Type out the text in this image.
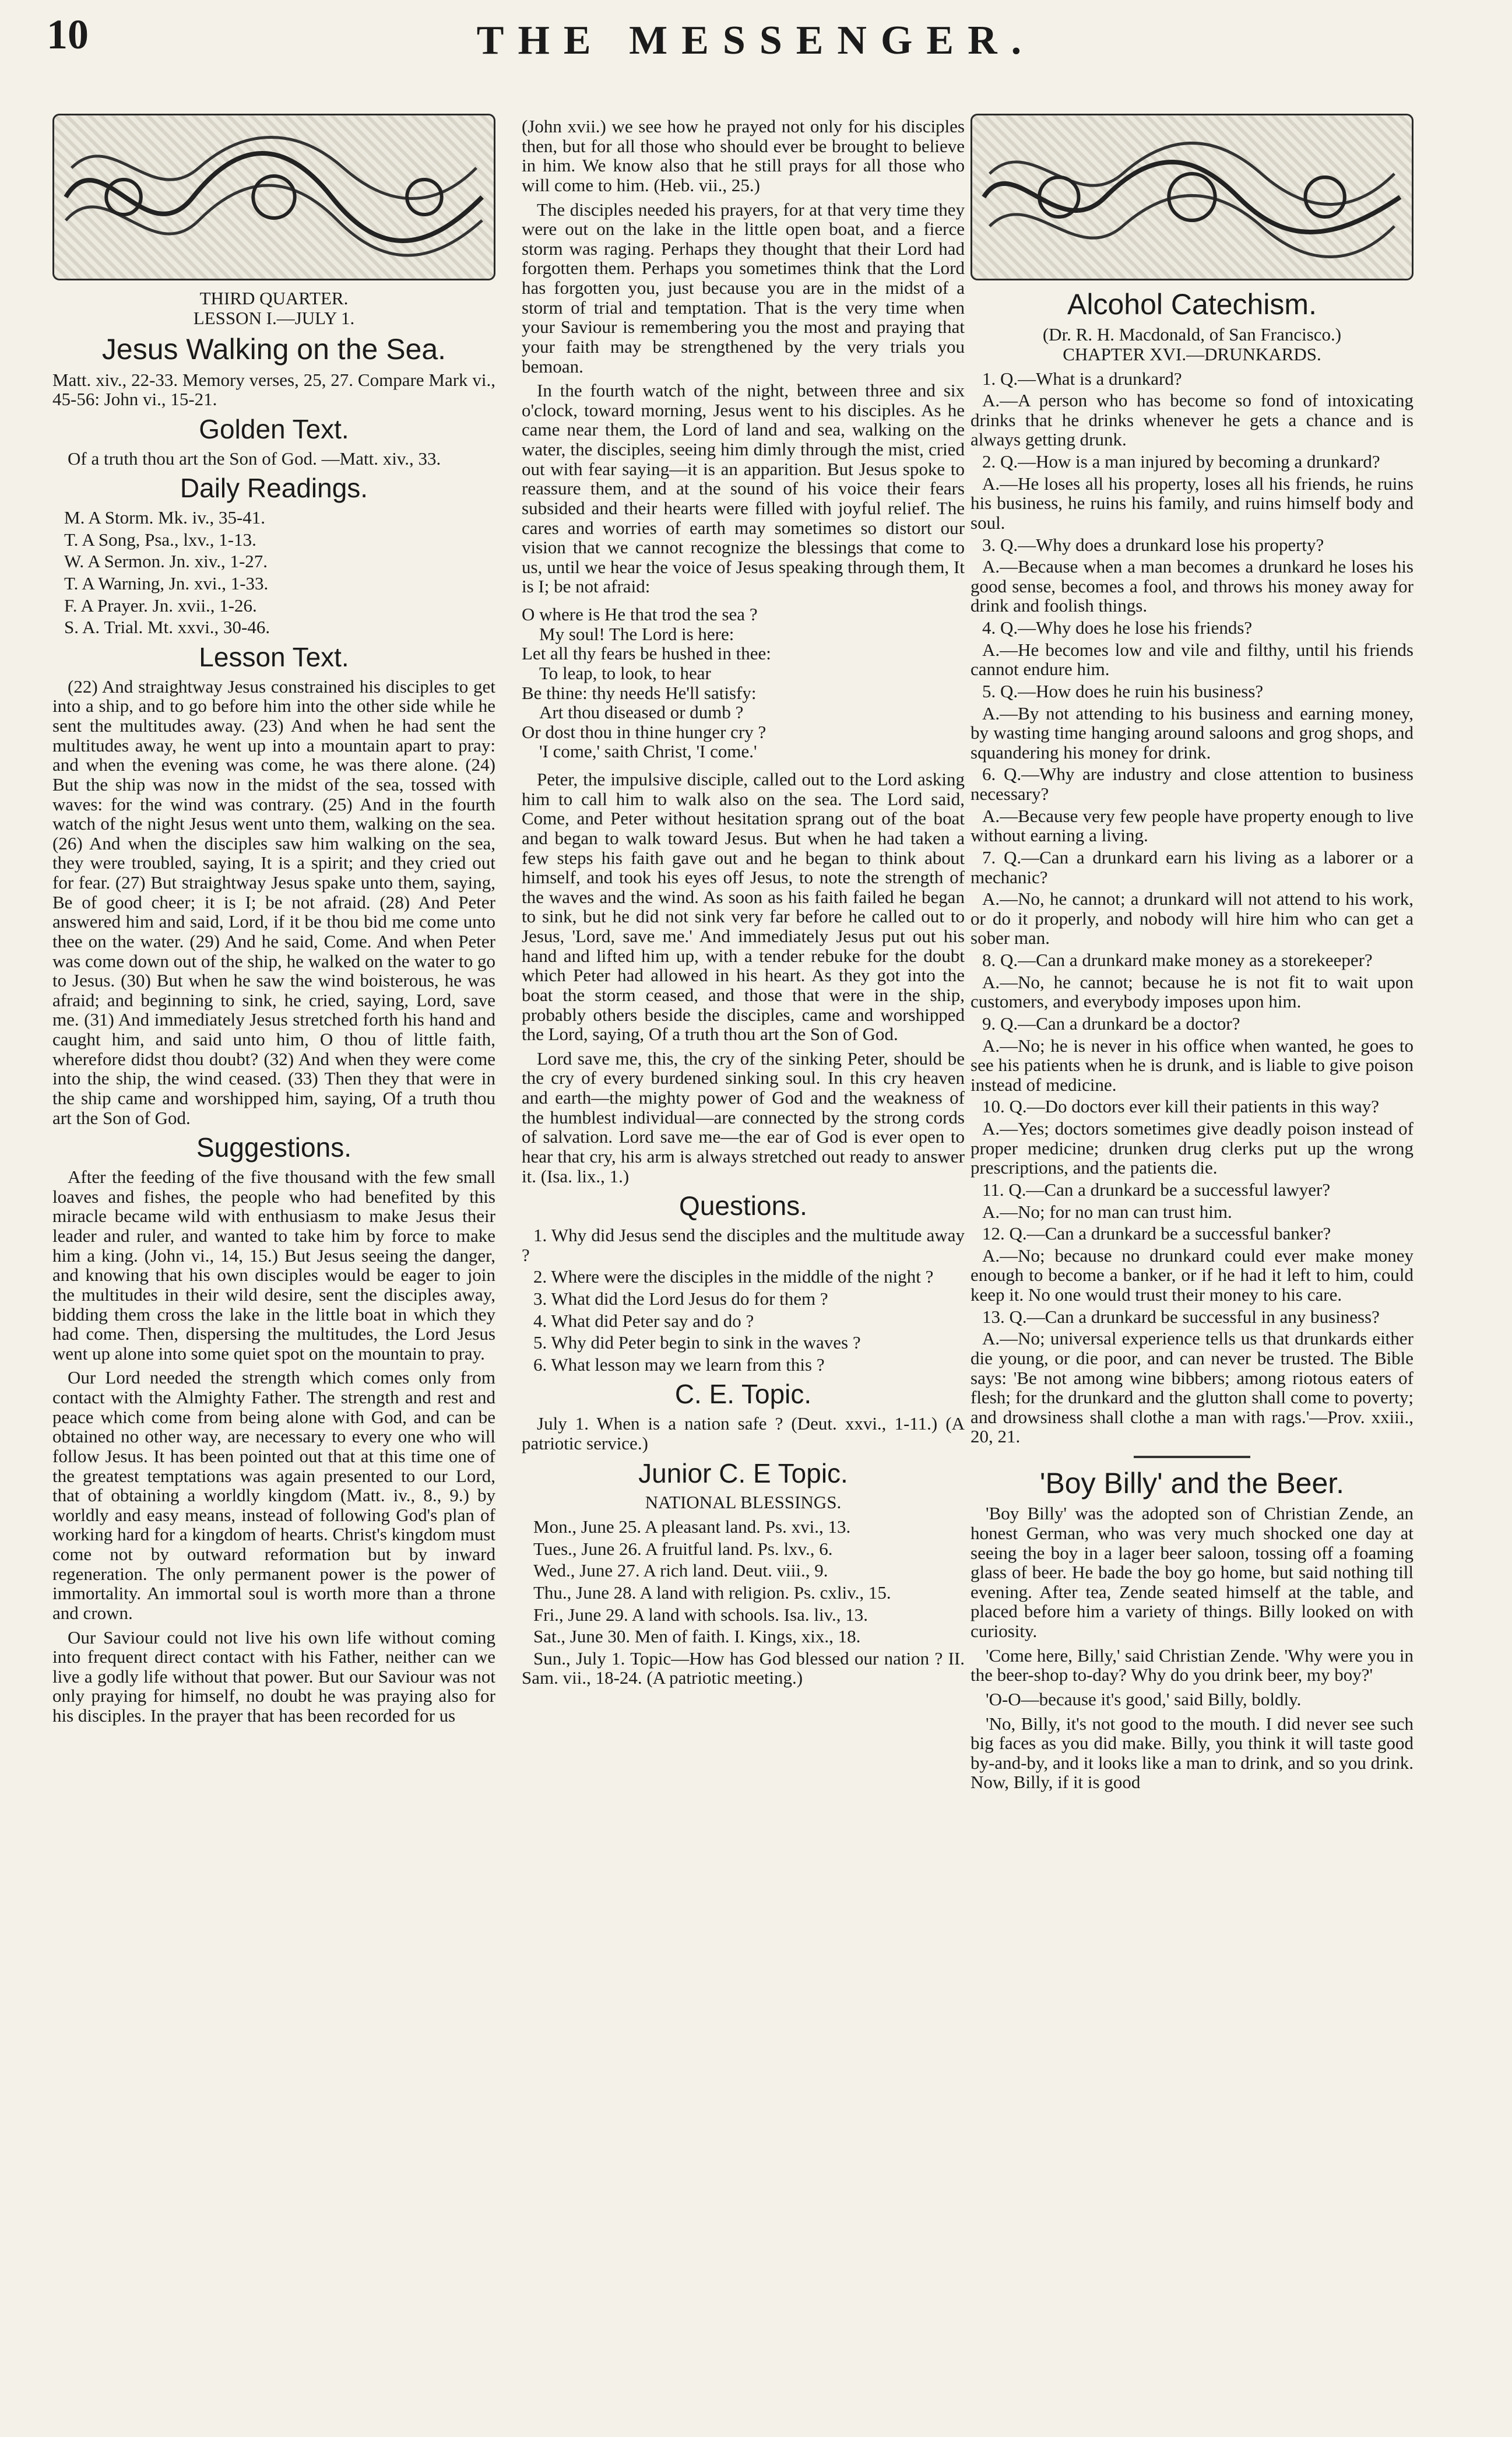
10	THE MESSENGER.
THIRD QUARTER.
LESSON I.—JULY 1.
Jesus Walking on the Sea.

Matt. xiv., 22-33. Memory verses, 25, 27. Compare Mark vi., 45-56: John vi., 15-21.

Golden Text.

Of a truth thou art the Son of God. —Matt. xiv., 33.

Daily Readings.
M. A Storm. Mk. iv., 35-41.
T. A Song, Psa., lxv., 1-13.
W. A Sermon. Jn. xiv., 1-27.
T. A Warning, Jn. xvi., 1-33.
F. A Prayer. Jn. xvii., 1-26.
S. A. Trial. Mt. xxvi., 30-46.
Lesson Text.

(22) And straightway Jesus constrained his disciples to get into a ship, and to go before him into the other side while he sent the multitudes away. (23) And when he had sent the multitudes away, he went up into a mountain apart to pray: and when the evening was come, he was there alone. (24) But the ship was now in the midst of the sea, tossed with waves: for the wind was contrary. (25) And in the fourth watch of the night Jesus went unto them, walking on the sea. (26) And when the disciples saw him walking on the sea, they were troubled, saying, It is a spirit; and they cried out for fear. (27) But straightway Jesus spake unto them, saying, Be of good cheer; it is I; be not afraid. (28) And Peter answered him and said, Lord, if it be thou bid me come unto thee on the water. (29) And he said, Come. And when Peter was come down out of the ship, he walked on the water to go to Jesus. (30) But when he saw the wind boisterous, he was afraid; and beginning to sink, he cried, saying, Lord, save me. (31) And immediately Jesus stretched forth his hand and caught him, and said unto him, O thou of little faith, wherefore didst thou doubt? (32) And when they were come into the ship, the wind ceased. (33) Then they that were in the ship came and worshipped him, saying, Of a truth thou art the Son of God.

Suggestions.

After the feeding of the five thousand with the few small loaves and fishes, the people who had benefited by this miracle became wild with enthusiasm to make Jesus their leader and ruler, and wanted to take him by force to make him a king. (John vi., 14, 15.) But Jesus seeing the danger, and knowing that his own disciples would be eager to join the multitudes in their wild desire, sent the disciples away, bidding them cross the lake in the little boat in which they had come. Then, dispersing the multitudes, the Lord Jesus went up alone into some quiet spot on the mountain to pray.

Our Lord needed the strength which comes only from contact with the Almighty Father. The strength and rest and peace which come from being alone with God, and can be obtained no other way, are necessary to every one who will follow Jesus. It has been pointed out that at this time one of the greatest temptations was again presented to our Lord, that of obtaining a worldly kingdom (Matt. iv., 8., 9.) by worldly and easy means, instead of following God's plan of working hard for a kingdom of hearts. Christ's kingdom must come not by outward reformation but by inward regeneration. The only permanent power is the power of immortality. An immortal soul is worth more than a throne and crown.

Our Saviour could not live his own life without coming into frequent direct contact with his Father, neither can we live a godly life without that power. But our Saviour was not only praying for himself, no doubt he was praying also for his disciples. In the prayer that has been recorded for us

(John xvii.) we see how he prayed not only for his disciples then, but for all those who should ever be brought to believe in him. We know also that he still prays for all those who will come to him. (Heb. vii., 25.)

The disciples needed his prayers, for at that very time they were out on the lake in the little open boat, and a fierce storm was raging. Perhaps they thought that their Lord had forgotten them. Perhaps you sometimes think that the Lord has forgotten you, just because you are in the midst of a storm of trial and temptation. That is the very time when your Saviour is remembering you the most and praying that your faith may be strengthened by the very trials you bemoan.

In the fourth watch of the night, between three and six o'clock, toward morning, Jesus went to his disciples. As he came near them, the Lord of land and sea, walking on the water, the disciples, seeing him dimly through the mist, cried out with fear saying—it is an apparition. But Jesus spoke to reassure them, and at the sound of his voice their fears subsided and their hearts were filled with joyful relief. The cares and worries of earth may sometimes so distort our vision that we cannot recognize the blessings that come to us, until we hear the voice of Jesus speaking through them, It is I; be not afraid:

O where is He that trod the sea ?
My soul! The Lord is here:
Let all thy fears be hushed in thee:
To leap, to look, to hear
Be thine: thy needs He'll satisfy:
Art thou diseased or dumb ?
Or dost thou in thine hunger cry ?
'I come,' saith Christ, 'I come.'

Peter, the impulsive disciple, called out to the Lord asking him to call him to walk also on the sea. The Lord said, Come, and Peter without hesitation sprang out of the boat and began to walk toward Jesus. But when he had taken a few steps his faith gave out and he began to think about himself, and took his eyes off Jesus, to note the strength of the waves and the wind. As soon as his faith failed he began to sink, but he did not sink very far before he called out to Jesus, 'Lord, save me.' And immediately Jesus put out his hand and lifted him up, with a tender rebuke for the doubt which Peter had allowed in his heart. As they got into the boat the storm ceased, and those that were in the ship, probably others beside the disciples, came and worshipped the Lord, saying, Of a truth thou art the Son of God.

Lord save me, this, the cry of the sinking Peter, should be the cry of every burdened sinking soul. In this cry heaven and earth—the mighty power of God and the weakness of the humblest individual—are connected by the strong cords of salvation. Lord save me—the ear of God is ever open to hear that cry, his arm is always stretched out ready to answer it. (Isa. lix., 1.)

Questions.
1. Why did Jesus send the disciples and the multitude away ?
2. Where were the disciples in the middle of the night ?
3. What did the Lord Jesus do for them ?
4. What did Peter say and do ?
5. Why did Peter begin to sink in the waves ?
6. What lesson may we learn from this ?
C. E. Topic.

July 1. When is a nation safe ? (Deut. xxvi., 1-11.) (A patriotic service.)

Junior C. E Topic.
NATIONAL BLESSINGS.
Mon., June 25. A pleasant land. Ps. xvi., 13.
Tues., June 26. A fruitful land. Ps. lxv., 6.
Wed., June 27. A rich land. Deut. viii., 9.
Thu., June 28. A land with religion. Ps. cxliv., 15.
Fri., June 29. A land with schools. Isa. liv., 13.
Sat., June 30. Men of faith. I. Kings, xix., 18.
Sun., July 1. Topic—How has God blessed our nation ? II. Sam. vii., 18-24. (A patriotic meeting.)
Alcohol Catechism.
(Dr. R. H. Macdonald, of San Francisco.)
CHAPTER XVI.—DRUNKARDS.
1. Q.—What is a drunkard?
A.—A person who has become so fond of intoxicating drinks that he drinks whenever he gets a chance and is always getting drunk.
2. Q.—How is a man injured by becoming a drunkard?
A.—He loses all his property, loses all his friends, he ruins his business, he ruins his family, and ruins himself body and soul.
3. Q.—Why does a drunkard lose his property?
A.—Because when a man becomes a drunkard he loses his good sense, becomes a fool, and throws his money away for drink and foolish things.
4. Q.—Why does he lose his friends?
A.—He becomes low and vile and filthy, until his friends cannot endure him.
5. Q.—How does he ruin his business?
A.—By not attending to his business and earning money, by wasting time hanging around saloons and grog shops, and squandering his money for drink.
6. Q.—Why are industry and close attention to business necessary?
A.—Because very few people have property enough to live without earning a living.
7. Q.—Can a drunkard earn his living as a laborer or a mechanic?
A.—No, he cannot; a drunkard will not attend to his work, or do it properly, and nobody will hire him who can get a sober man.
8. Q.—Can a drunkard make money as a storekeeper?
A.—No, he cannot; because he is not fit to wait upon customers, and everybody imposes upon him.
9. Q.—Can a drunkard be a doctor?
A.—No; he is never in his office when wanted, he goes to see his patients when he is drunk, and is liable to give poison instead of medicine.
10. Q.—Do doctors ever kill their patients in this way?
A.—Yes; doctors sometimes give deadly poison instead of proper medicine; drunken drug clerks put up the wrong prescriptions, and the patients die.
11. Q.—Can a drunkard be a successful lawyer?
A.—No; for no man can trust him.
12. Q.—Can a drunkard be a successful banker?
A.—No; because no drunkard could ever make money enough to become a banker, or if he had it left to him, could keep it. No one would trust their money to his care.
13. Q.—Can a drunkard be successful in any business?
A.—No; universal experience tells us that drunkards either die young, or die poor, and can never be trusted. The Bible says: 'Be not among wine bibbers; among riotous eaters of flesh; for the drunkard and the glutton shall come to poverty; and drowsiness shall clothe a man with rags.'—Prov. xxiii., 20, 21.
'Boy Billy' and the Beer.

'Boy Billy' was the adopted son of Christian Zende, an honest German, who was very much shocked one day at seeing the boy in a lager beer saloon, tossing off a foaming glass of beer. He bade the boy go home, but said nothing till evening. After tea, Zende seated himself at the table, and placed before him a variety of things. Billy looked on with curiosity.

'Come here, Billy,' said Christian Zende. 'Why were you in the beer-shop to-day? Why do you drink beer, my boy?'

'O-O—because it's good,' said Billy, boldly.

'No, Billy, it's not good to the mouth. I did never see such big faces as you did make. Billy, you think it will taste good by-and-by, and it looks like a man to drink, and so you drink. Now, Billy, if it is good
